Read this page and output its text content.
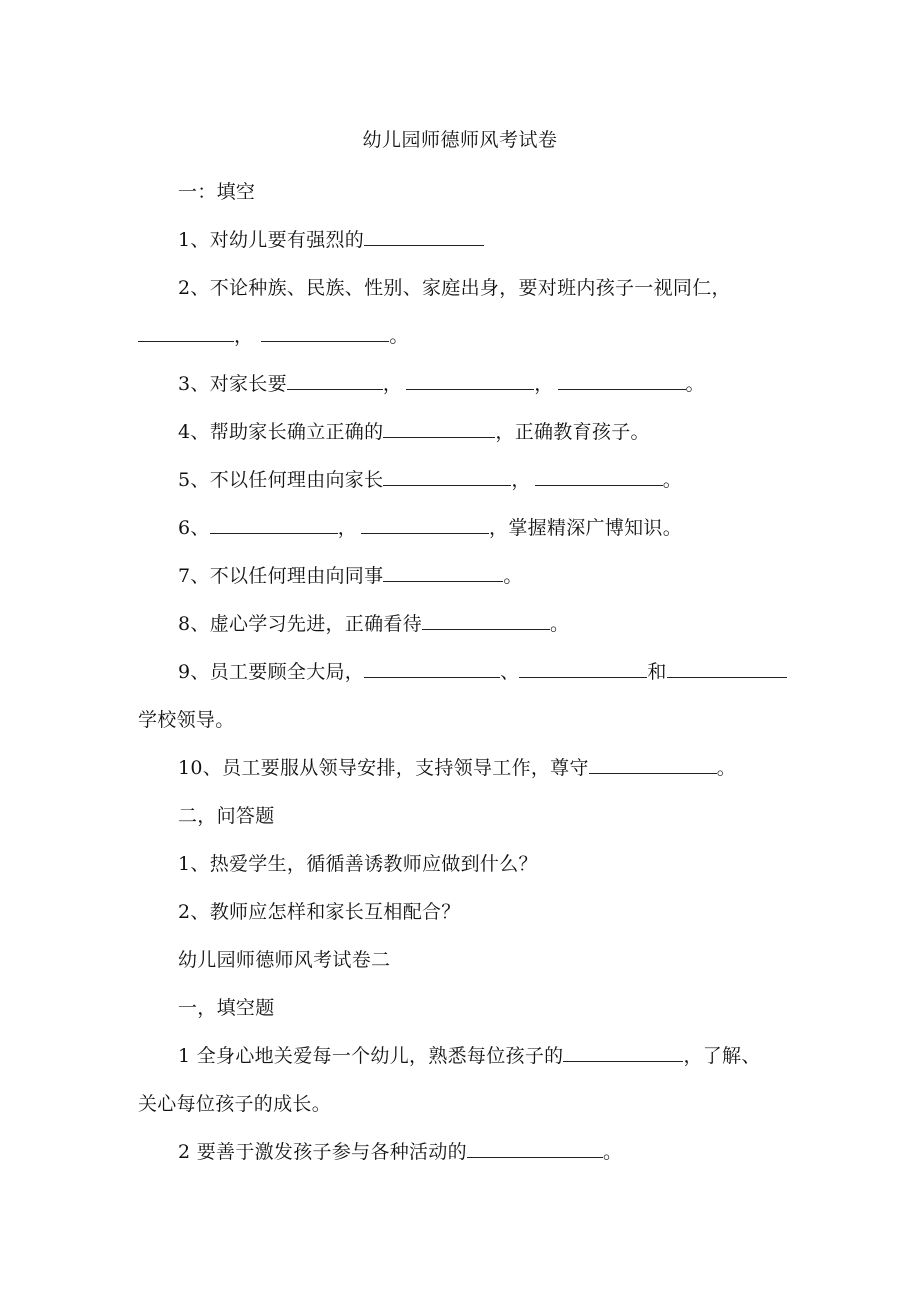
幼儿园师德师风考试卷
一：填空
1、对幼儿要有强烈的
2、不论种族、民族、性别、家庭出身，要对班内孩子一视同仁，
，	。
3、对家长要	，	，	。
4、帮助家长确立正确的	，正确教育孩子。
5、不以任何理由向家长	，	。
6、	，	，掌握精深广博知识。
7、不以任何理由向同事	。
8、虚心学习先进，正确看待	。
9、员工要顾全大局，	、	和
学校领导。
10、员工要服从领导安排，支持领导工作，尊守	。
二，问答题
1、热爱学生，循循善诱教师应做到什么？
2、教师应怎样和家长互相配合？
幼儿园师德师风考试卷二
一，填空题
1 全身心地关爱每一个幼儿，熟悉每位孩子的	，了解、
关心每位孩子的成长。
2 要善于激发孩子参与各种活动的	。
